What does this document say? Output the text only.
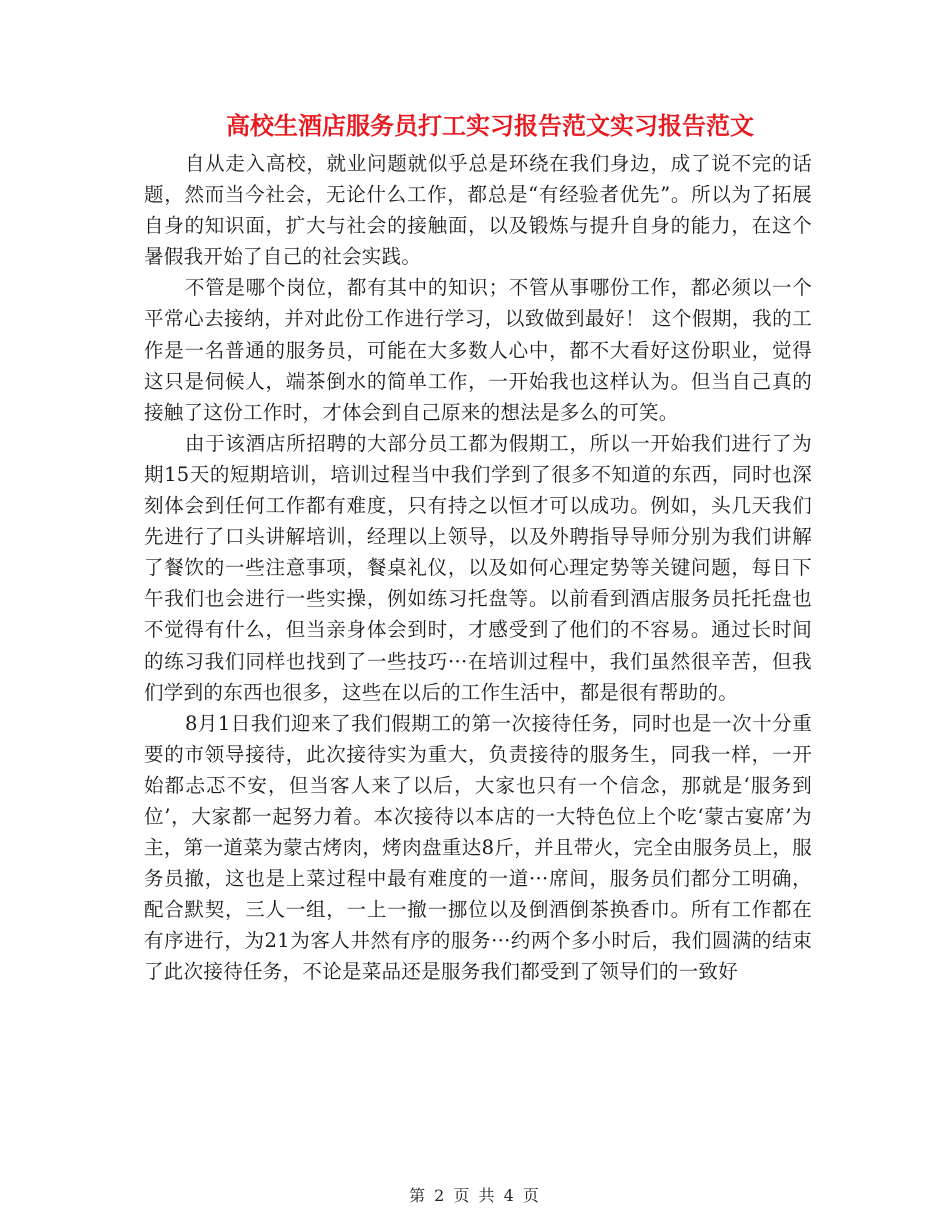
高校生酒店服务员打工实习报告范文实习报告范文

自从走入高校，就业问题就似乎总是环绕在我们身边，成了说不完的话题，然而当今社会，无论什么工作，都总是“有经验者优先”。所以为了拓展自身的知识面，扩大与社会的接触面，以及锻炼与提升自身的能力，在这个暑假我开始了自己的社会实践。

不管是哪个岗位，都有其中的知识；不管从事哪份工作，都必须以一个平常心去接纳，并对此份工作进行学习，以致做到最好！ 这个假期，我的工作是一名普通的服务员，可能在大多数人心中，都不大看好这份职业，觉得这只是伺候人，端茶倒水的简单工作，一开始我也这样认为。但当自己真的接触了这份工作时，才体会到自己原来的想法是多么的可笑。

由于该酒店所招聘的大部分员工都为假期工，所以一开始我们进行了为期15天的短期培训，培训过程当中我们学到了很多不知道的东西，同时也深刻体会到任何工作都有难度，只有持之以恒才可以成功。例如，头几天我们先进行了口头讲解培训，经理以上领导，以及外聘指导导师分别为我们讲解了餐饮的一些注意事项，餐桌礼仪，以及如何心理定势等关键问题，每日下午我们也会进行一些实操，例如练习托盘等。以前看到酒店服务员托托盘也不觉得有什么，但当亲身体会到时，才感受到了他们的不容易。通过长时间的练习我们同样也找到了一些技巧···在培训过程中，我们虽然很辛苦，但我们学到的东西也很多，这些在以后的工作生活中，都是很有帮助的。

8月1日我们迎来了我们假期工的第一次接待任务，同时也是一次十分重要的市领导接待，此次接待实为重大，负责接待的服务生，同我一样，一开始都忐忑不安，但当客人来了以后，大家也只有一个信念，那就是‘服务到位’，大家都一起努力着。本次接待以本店的一大特色位上个吃‘蒙古宴席’为主，第一道菜为蒙古烤肉，烤肉盘重达8斤，并且带火，完全由服务员上，服务员撤，这也是上菜过程中最有难度的一道···席间，服务员们都分工明确，配合默契，三人一组，一上一撤一挪位以及倒酒倒茶换香巾。所有工作都在有序进行，为21为客人井然有序的服务···约两个多小时后，我们圆满的结束了此次接待任务，不论是菜品还是服务我们都受到了领导们的一致好

第 2 页 共 4 页
